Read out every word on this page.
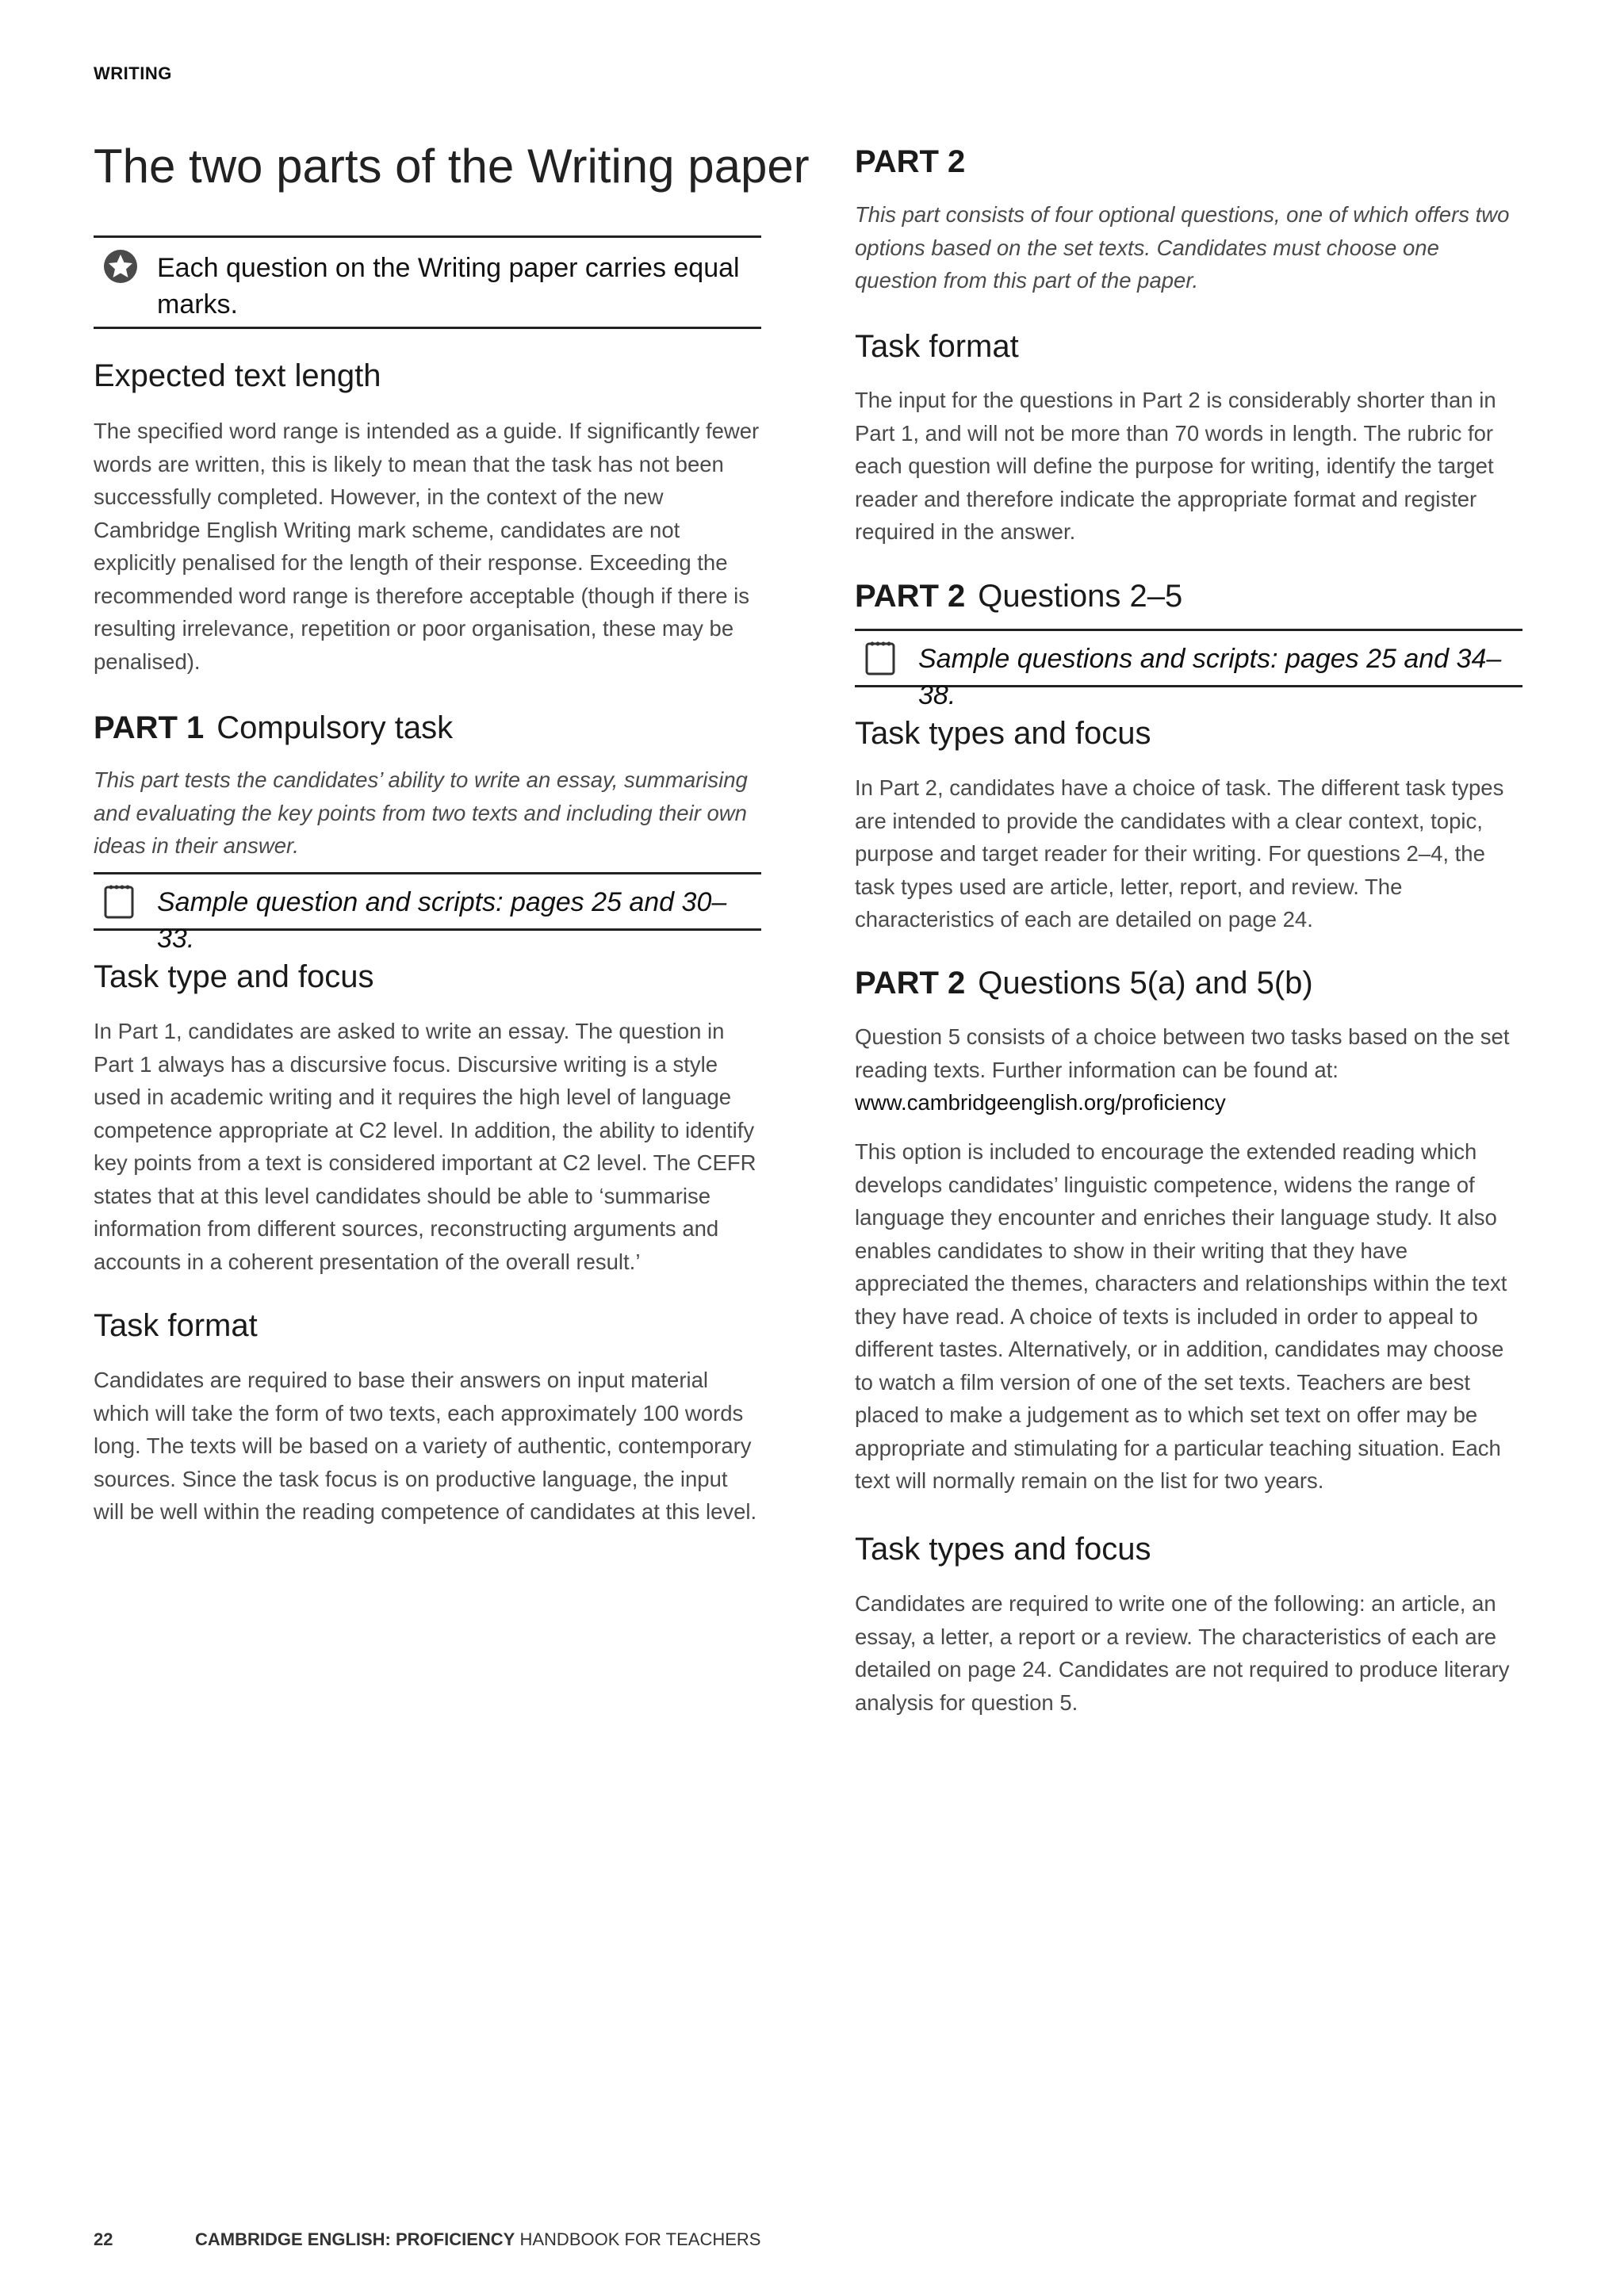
WRITING
The two parts of the Writing paper
Each question on the Writing paper carries equal marks.
Expected text length

The specified word range is intended as a guide. If significantly fewer words are written, this is likely to mean that the task has not been successfully completed. However, in the context of the new Cambridge English Writing mark scheme, candidates are not explicitly penalised for the length of their response. Exceeding the recommended word range is therefore acceptable (though if there is resulting irrelevance, repetition or poor organisation, these may be penalised).

PART 1 Compulsory task

This part tests the candidates’ ability to write an essay, summarising and evaluating the key points from two texts and including their own ideas in their answer.

Sample question and scripts: pages 25 and 30–33.
Task type and focus

In Part 1, candidates are asked to write an essay. The question in Part 1 always has a discursive focus. Discursive writing is a style used in academic writing and it requires the high level of language competence appropriate at C2 level. In addition, the ability to identify key points from a text is considered important at C2 level. The CEFR states that at this level candidates should be able to ‘summarise information from different sources, reconstructing arguments and accounts in a coherent presentation of the overall result.’

Task format

Candidates are required to base their answers on input material which will take the form of two texts, each approximately 100 words long. The texts will be based on a variety of authentic, contemporary sources. Since the task focus is on productive language, the input will be well within the reading competence of candidates at this level.

PART 2

This part consists of four optional questions, one of which offers two options based on the set texts. Candidates must choose one question from this part of the paper.

Task format

The input for the questions in Part 2 is considerably shorter than in Part 1, and will not be more than 70 words in length. The rubric for each question will define the purpose for writing, identify the target reader and therefore indicate the appropriate format and register required in the answer.

PART 2 Questions 2–5
Sample questions and scripts: pages 25 and 34–38.
Task types and focus

In Part 2, candidates have a choice of task. The different task types are intended to provide the candidates with a clear context, topic, purpose and target reader for their writing. For questions 2–4, the task types used are article, letter, report, and review. The characteristics of each are detailed on page 24.

PART 2 Questions 5(a) and 5(b)

Question 5 consists of a choice between two tasks based on the set reading texts. Further information can be found at:
www.cambridgeenglish.org/proficiency

This option is included to encourage the extended reading which develops candidates’ linguistic competence, widens the range of language they encounter and enriches their language study. It also enables candidates to show in their writing that they have appreciated the themes, characters and relationships within the text they have read. A choice of texts is included in order to appeal to different tastes. Alternatively, or in addition, candidates may choose to watch a film version of one of the set texts. Teachers are best placed to make a judgement as to which set text on offer may be appropriate and stimulating for a particular teaching situation. Each text will normally remain on the list for two years.

Task types and focus

Candidates are required to write one of the following: an article, an essay, a letter, a report or a review. The characteristics of each are detailed on page 24. Candidates are not required to produce literary analysis for question 5.

22	CAMBRIDGE ENGLISH: PROFICIENCY HANDBOOK FOR TEACHERS
